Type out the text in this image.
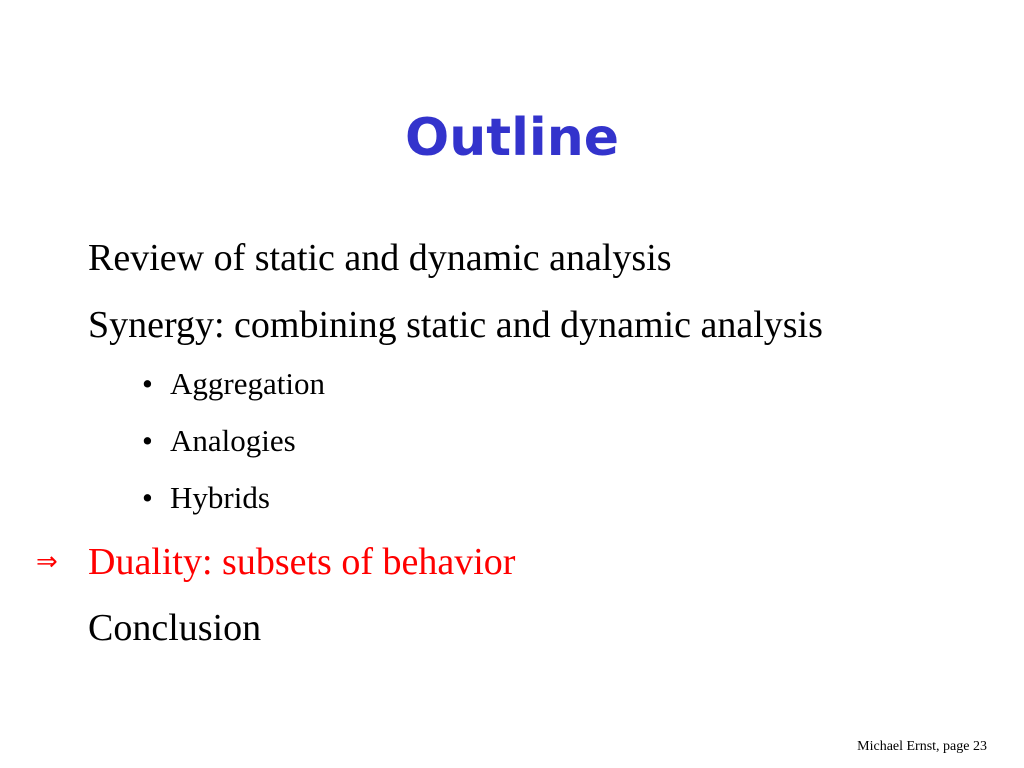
Outline
Review of static and dynamic analysis
Synergy: combining static and dynamic analysis
• Aggregation
• Analogies
• Hybrids
⇒ Duality: subsets of behavior
Conclusion
Michael Ernst, page 23
